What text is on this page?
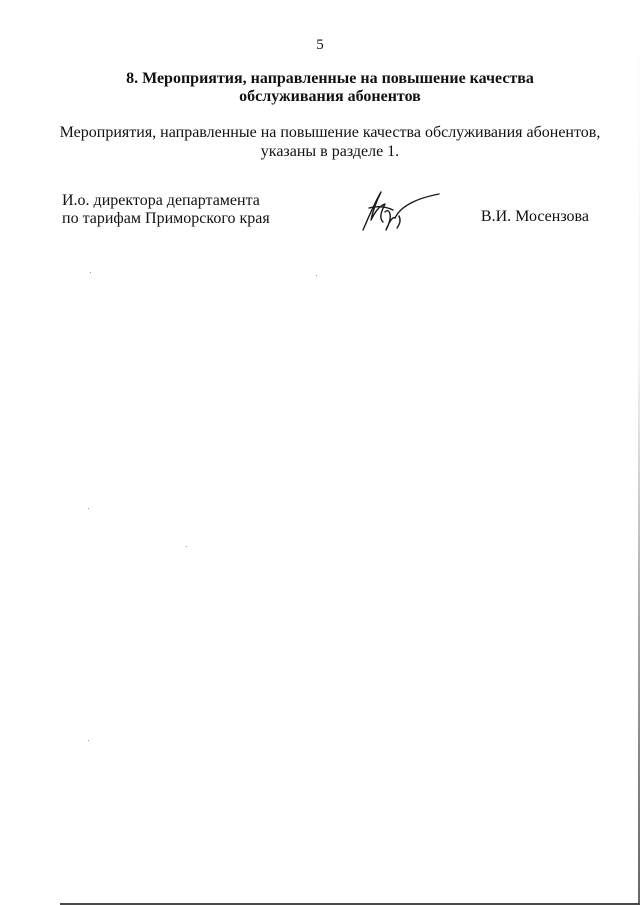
5
8. Мероприятия, направленные на повышение качества
обслуживания абонентов
Мероприятия, направленные на повышение качества обслуживания абонентов,
указаны в разделе 1.
И.о. директора департамента
по тарифам Приморского края	В.И. Мосензова
